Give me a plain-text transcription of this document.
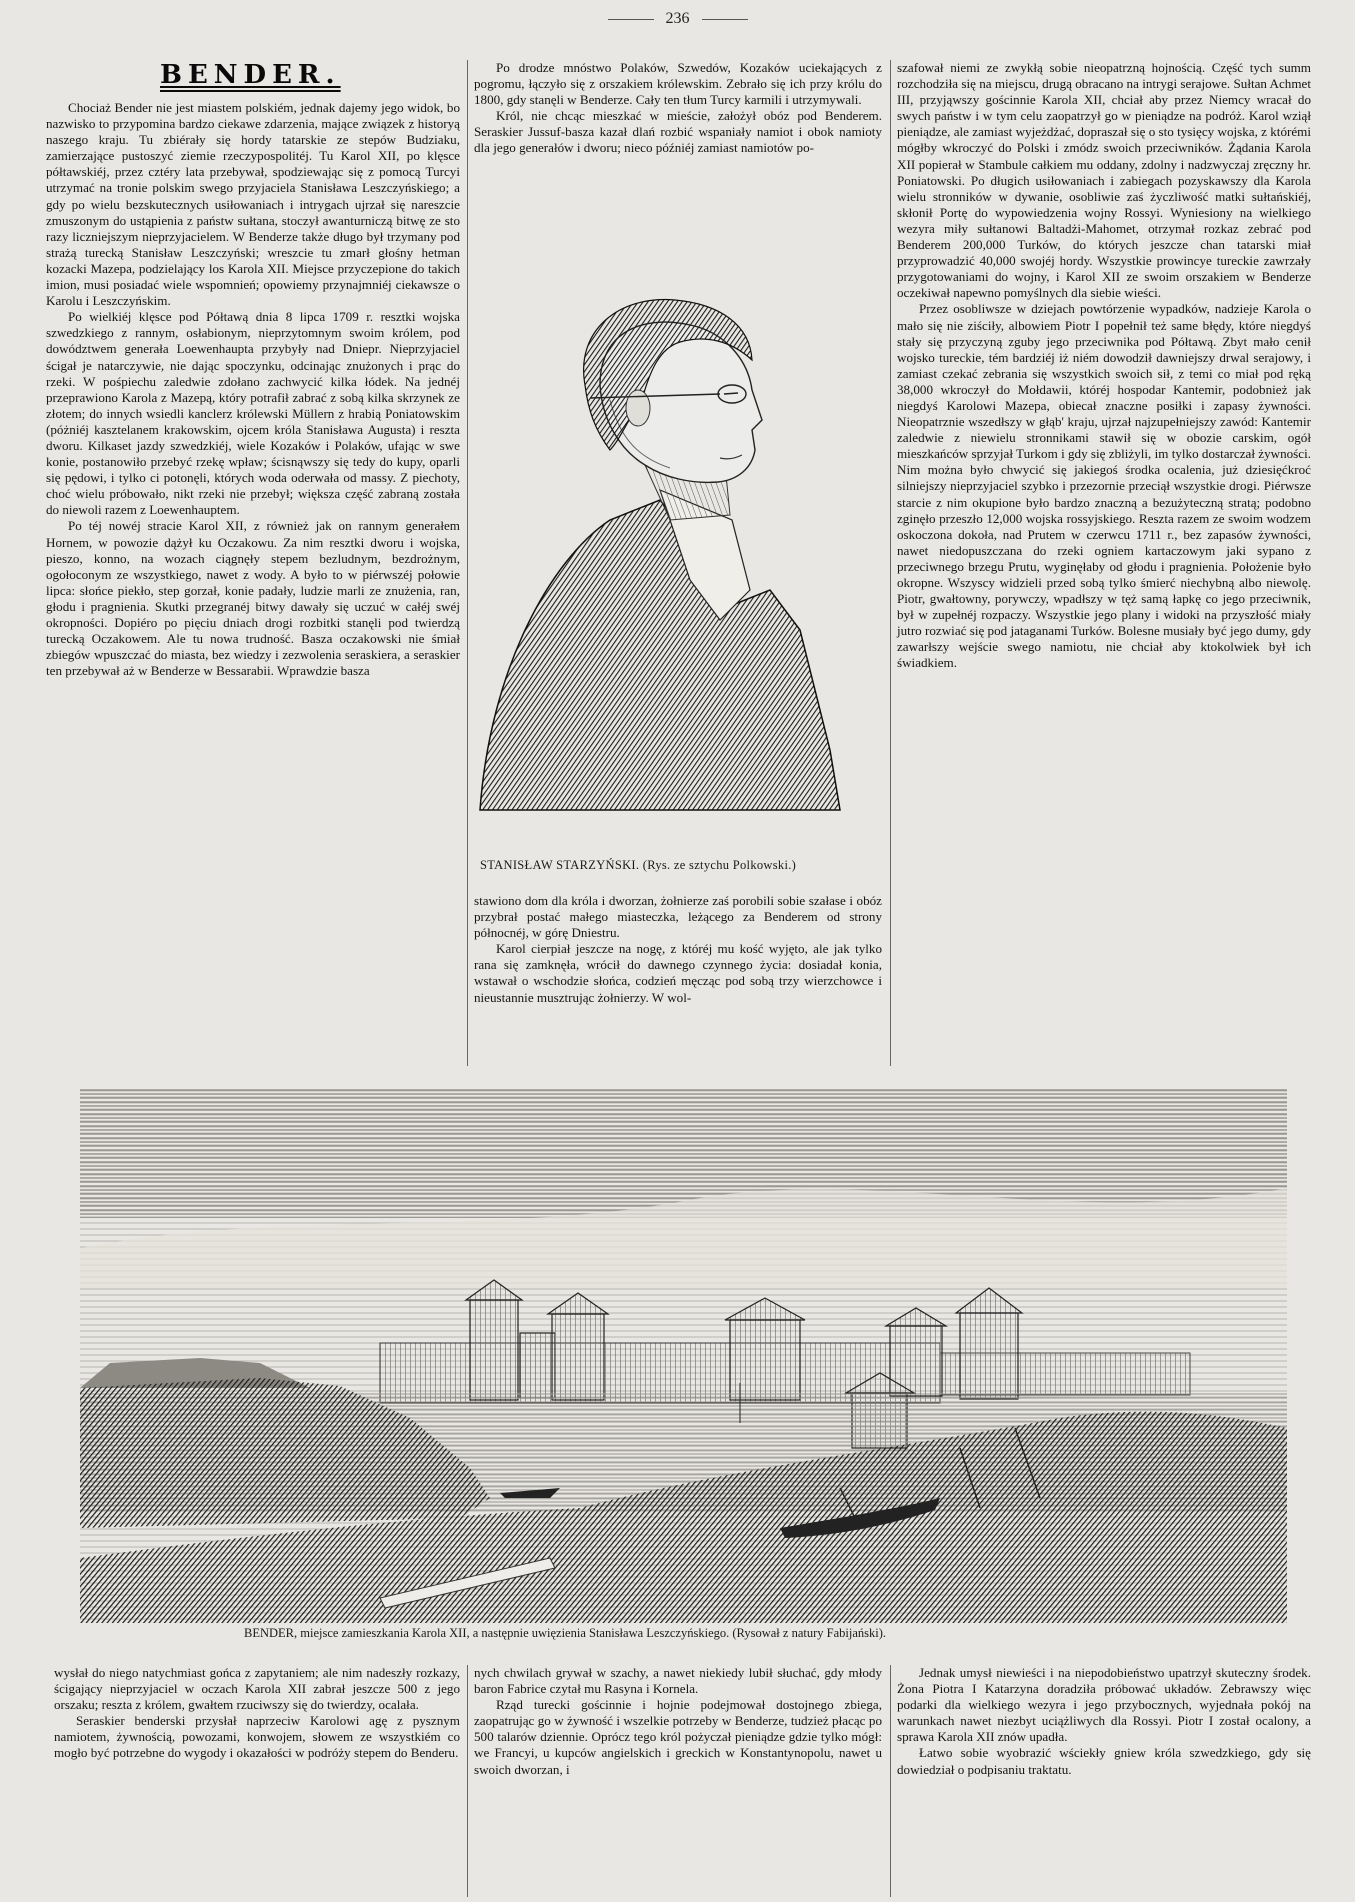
236
BENDER.

Chociaż Bender nie jest miastem polskiém, jednak dajemy jego widok, bo nazwisko to przypomina bardzo ciekawe zdarzenia, mające związek z historyą naszego kraju. Tu zbiérały się hordy tatarskie ze stepów Budziaku, zamierzające pustoszyć ziemie rzeczypospolitéj. Tu Karol XII, po klęsce półtawskiéj, przez cztéry lata przebywał, spodziewając się z pomocą Turcyi utrzymać na tronie polskim swego przyjaciela Stanisława Leszczyńskiego; a gdy po wielu bezskutecznych usiłowaniach i intrygach ujrzał się nareszcie zmuszonym do ustąpienia z państw sułtana, stoczył awanturniczą bitwę ze sto razy liczniejszym nieprzyjacielem. W Benderze także długo był trzymany pod strażą turecką Stanisław Leszczyński; wreszcie tu zmarł głośny hetman kozacki Mazepa, podzielający los Karola XII. Miejsce przyczepione do takich imion, musi posiadać wiele wspomnień; opowiemy przynajmniéj ciekawsze o Karolu i Leszczyńskim.

Po wielkiéj klęsce pod Półtawą dnia 8 lipca 1709 r. resztki wojska szwedzkiego z rannym, osłabionym, nieprzytomnym swoim królem, pod dowództwem generała Loewenhaupta przybyły nad Dniepr. Nieprzyjaciel ścigał je natarczywie, nie dając spoczynku, odcinając znużonych i prąc do rzeki. W pośpiechu zaledwie zdołano zachwycić kilka łódek. Na jednéj przeprawiono Karola z Mazepą, który potrafił zabrać z sobą kilka skrzynek ze złotem; do innych wsiedli kanclerz królewski Müllern z hrabią Poniatowskim (póżniéj kasztelanem krakowskim, ojcem króla Stanisława Augusta) i reszta dworu. Kilkaset jazdy szwedzkiéj, wiele Kozaków i Polaków, ufając w swe konie, postanowiło przebyć rzekę wpław; ścisnąwszy się tedy do kupy, oparli się pędowi, i tylko ci potonęli, których woda oderwała od massy. Z piechoty, choć wielu próbowało, nikt rzeki nie przebył; większa część zabraną została do niewoli razem z Loewenhauptem.

Po téj nowéj stracie Karol XII, z również jak on rannym generałem Hornem, w powozie dążył ku Oczakowu. Za nim resztki dworu i wojska, pieszo, konno, na wozach ciągnęły stepem bezludnym, bezdrożnym, ogołoconym ze wszystkiego, nawet z wody. A było to w piérwszéj połowie lipca: słońce piekło, step gorzał, konie padały, ludzie marli ze znużenia, ran, głodu i pragnienia. Skutki przegranéj bitwy dawały się uczuć w całéj swéj okropności. Dopiéro po pięciu dniach drogi rozbitki stanęli pod twierdzą turecką Oczakowem. Ale tu nowa trudność. Basza oczakowski nie śmiał zbiegów wpuszczać do miasta, bez wiedzy i zezwolenia seraskiera, a seraskier ten przebywał aż w Benderze w Bessarabii. Wprawdzie basza

Po drodze mnóstwo Polaków, Szwedów, Kozaków uciekających z pogromu, łączyło się z orszakiem królewskim. Zebrało się ich przy królu do 1800, gdy stanęli w Benderze. Cały ten tłum Turcy karmili i utrzymywali.

Król, nie chcąc mieszkać w mieście, założył obóz pod Benderem. Seraskier Jussuf-basza kazał dlań rozbić wspaniały namiot i obok namioty dla jego generałów i dworu; nieco późniéj zamiast namiotów po-

STANISŁAW STARZYŃSKI. (Rys. ze sztychu Polkowski.)

stawiono dom dla króla i dworzan, żołnierze zaś porobili sobie szałase i obóz przybrał postać małego miasteczka, leżącego za Benderem od strony północnéj, w górę Dniestru.

Karol cierpiał jeszcze na nogę, z któréj mu kość wyjęto, ale jak tylko rana się zamknęła, wrócił do dawnego czynnego życia: dosiadał konia, wstawał o wschodzie słońca, codzień męcząc pod sobą trzy wierzchowce i nieustannie musztrując żołnierzy. W wol-

szafował niemi ze zwykłą sobie nieopatrzną hojnością. Część tych summ rozchodziła się na miejscu, drugą obracano na intrygi serajowe. Sułtan Achmet III, przyjąwszy gościnnie Karola XII, chciał aby przez Niemcy wracał do swych państw i w tym celu zaopatrzył go w pieniądze na podróż. Karol wziął pieniądze, ale zamiast wyjeżdżać, dopraszał się o sto tysięcy wojska, z którémi mógłby wkroczyć do Polski i zmódz swoich przeciwników. Żądania Karola XII popierał w Stambule całkiem mu oddany, zdolny i nadzwyczaj zręczny hr. Poniatowski. Po długich usiłowaniach i zabiegach pozyskawszy dla Karola wielu stronników w dywanie, osobliwie zaś życzliwość matki sułtańskiéj, skłonił Portę do wypowiedzenia wojny Rossyi. Wyniesiony na wielkiego wezyra miły sułtanowi Baltadżi-Mahomet, otrzymał rozkaz zebrać pod Benderem 200,000 Turków, do których jeszcze chan tatarski miał przyprowadzić 40,000 swojéj hordy. Wszystkie prowincye tureckie zawrzały przygotowaniami do wojny, i Karol XII ze swoim orszakiem w Benderze oczekiwał napewno pomyślnych dla siebie wieści.

Przez osobliwsze w dziejach powtórzenie wypadków, nadzieje Karola o mało się nie ziściły, albowiem Piotr I popełnił też same błędy, które niegdyś stały się przyczyną zguby jego przeciwnika pod Półtawą. Zbyt mało cenił wojsko tureckie, tém bardziéj iż niém dowodził dawniejszy drwal serajowy, i zamiast czekać zebrania się wszystkich swoich sił, z temi co miał pod ręką 38,000 wkroczył do Mołdawii, któréj hospodar Kantemir, podobnież jak niegdyś Karolowi Mazepa, obiecał znaczne posiłki i zapasy żywności. Nieopatrznie wszedłszy w głąb' kraju, ujrzał najzupełniejszy zawód: Kantemir zaledwie z niewielu stronnikami stawił się w obozie carskim, ogół mieszkańców sprzyjał Turkom i gdy się zbliżyli, im tylko dostarczał żywności. Nim można było chwycić się jakiegoś środka ocalenia, już dziesięćkroć silniejszy nieprzyjaciel szybko i przezornie przeciął wszystkie drogi. Piérwsze starcie z nim okupione było bardzo znaczną a bezużyteczną stratą; podobno zginęło przeszło 12,000 wojska rossyjskiego. Reszta razem ze swoim wodzem oskoczona dokoła, nad Prutem w czerwcu 1711 r., bez zapasów żywności, nawet niedopuszczana do rzeki ogniem kartaczowym jaki sypano z przeciwnego brzegu Prutu, wyginęłaby od głodu i pragnienia. Położenie było okropne. Wszyscy widzieli przed sobą tylko śmierć niechybną albo niewolę. Piotr, gwałtowny, porywczy, wpadłszy w tęż samą łapkę co jego przeciwnik, był w zupełnéj rozpaczy. Wszystkie jego plany i widoki na przyszłość miały jutro rozwiać się pod jataganami Turków. Bolesne musiały być jego dumy, gdy zawarłszy wejście swego namiotu, nie chciał aby ktokolwiek był ich świadkiem.

BENDER, miejsce zamieszkania Karola XII, a następnie uwięzienia Stanisława Leszczyńskiego. (Rysował z natury Fabijański).

wysłał do niego natychmiast gońca z zapytaniem; ale nim nadeszły rozkazy, ścigający nieprzyjaciel w oczach Karola XII zabrał jeszcze 500 z jego orszaku; reszta z królem, gwałtem rzuciwszy się do twierdzy, ocalała.

Seraskier benderski przysłał naprzeciw Karolowi agę z pysznym namiotem, żywnością, powozami, konwojem, słowem ze wszystkiém co mogło być potrzebne do wygody i okazałości w podróży stepem do Benderu.

nych chwilach grywał w szachy, a nawet niekiedy lubił słuchać, gdy młody baron Fabrice czytał mu Rasyna i Kornela.

Rząd turecki gościnnie i hojnie podejmował dostojnego zbiega, zaopatrując go w żywność i wszelkie potrzeby w Benderze, tudzież płacąc po 500 talarów dziennie. Oprócz tego król pożyczał pieniądze gdzie tylko mógł: we Francyi, u kupców angielskich i greckich w Konstantynopolu, nawet u swoich dworzan, i

Jednak umysł niewieści i na niepodobieństwo upatrzył skuteczny środek. Żona Piotra I Katarzyna doradziła próbować układów. Zebrawszy więc podarki dla wielkiego wezyra i jego przybocznych, wyjednała pokój na warunkach nawet niezbyt uciążliwych dla Rossyi. Piotr I został ocalony, a sprawa Karola XII znów upadła.

Łatwo sobie wyobrazić wściekły gniew króla szwedzkiego, gdy się dowiedział o podpisaniu traktatu.
